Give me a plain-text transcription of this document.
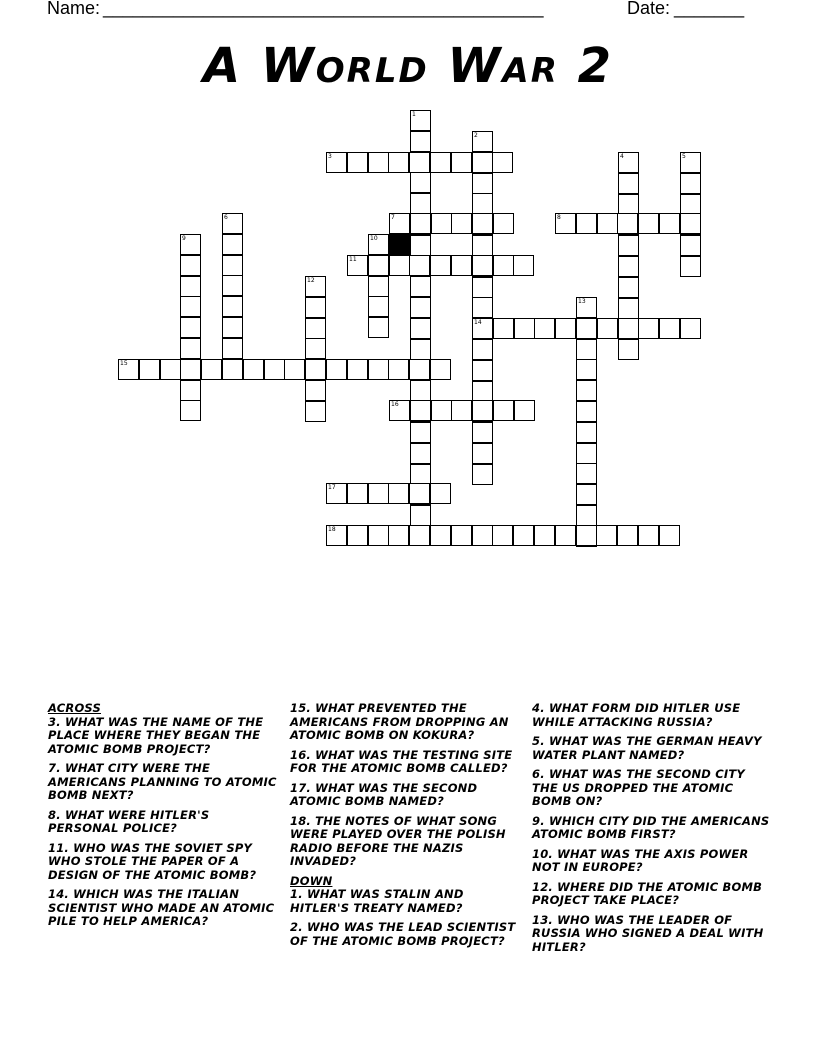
Name: ____________________________________________	Date: _______
A World War 2
1
2
14
3	4	5
6	7	8
9	10
11
12
13
15
16
17
18
ACROSS

3. WHAT WAS THE NAME OF THE PLACE WHERE THEY BEGAN THE ATOMIC BOMB PROJECT?

7. WHAT CITY WERE THE AMERICANS PLANNING TO ATOMIC BOMB NEXT?

8. WHAT WERE HITLER'S PERSONAL POLICE?

11. WHO WAS THE SOVIET SPY WHO STOLE THE PAPER OF A DESIGN OF THE ATOMIC BOMB?

14. WHICH WAS THE ITALIAN SCIENTIST WHO MADE AN ATOMIC PILE TO HELP AMERICA?

15. WHAT PREVENTED THE AMERICANS FROM DROPPING AN ATOMIC BOMB ON KOKURA?

16. WHAT WAS THE TESTING SITE FOR THE ATOMIC BOMB CALLED?

17. WHAT WAS THE SECOND ATOMIC BOMB NAMED?

18. THE NOTES OF WHAT SONG WERE PLAYED OVER THE POLISH RADIO BEFORE THE NAZIS INVADED?

DOWN

1. WHAT WAS STALIN AND HITLER'S TREATY NAMED?

2. WHO WAS THE LEAD SCIENTIST OF THE ATOMIC BOMB PROJECT?

4. WHAT FORM DID HITLER USE WHILE ATTACKING RUSSIA?

5. WHAT WAS THE GERMAN HEAVY WATER PLANT NAMED?

6. WHAT WAS THE SECOND CITY THE US DROPPED THE ATOMIC BOMB ON?

9. WHICH CITY DID THE AMERICANS ATOMIC BOMB FIRST?

10. WHAT WAS THE AXIS POWER NOT IN EUROPE?

12. WHERE DID THE ATOMIC BOMB PROJECT TAKE PLACE?

13. WHO WAS THE LEADER OF RUSSIA WHO SIGNED A DEAL WITH HITLER?
